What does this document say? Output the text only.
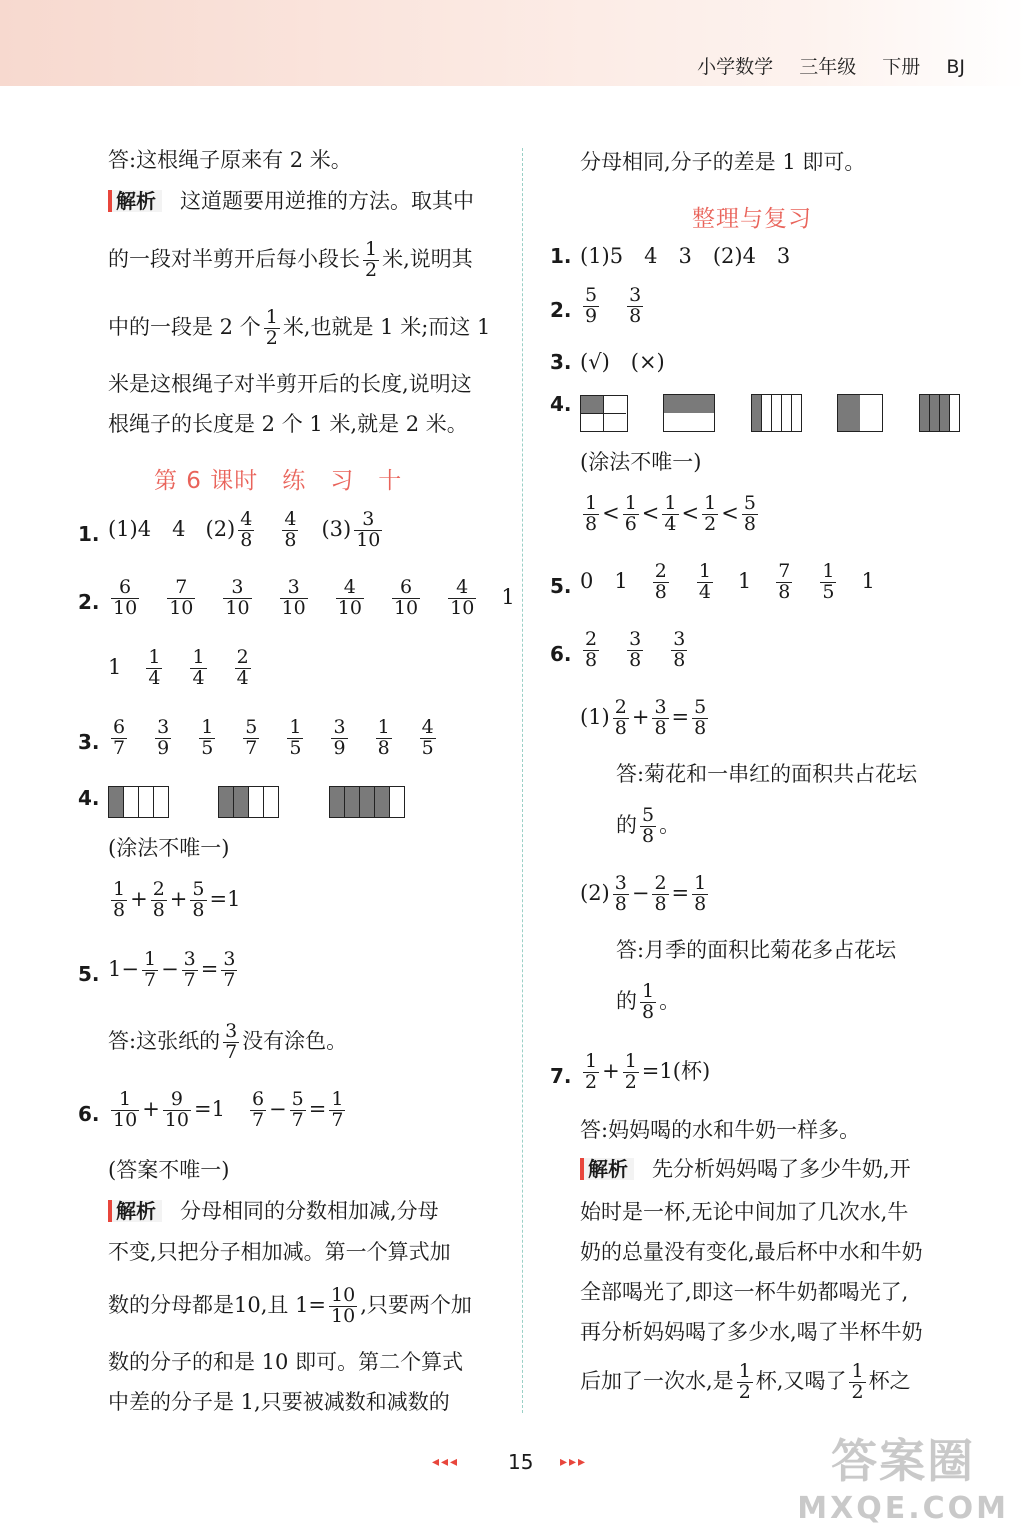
小学数学 三年级 下册 BJ
答:这根绳子原来有 2 米。
解析 这道题要用逆推的方法。取其中
的一段对半剪开后每小段长 $\frac{1}{2}$ 米,说明其
中的一段是 2 个 $\frac{1}{2}$ 米,也就是 1 米;而这 1
米是这根绳子对半剪开后的长度,说明这
根绳子的长度是 2 个 1 米,就是 2 米。
第 6 课时　练　习　十
1. (1)4　4 $(2) \frac{4}{8} \frac{4}{8} (3) \frac{3}{10}$
2. $\frac{6}{10} \frac{7}{10} \frac{3}{10} \frac{3}{10} \frac{4}{10} \frac{6}{10} \frac{4}{10} 1$
$1 \frac{1}{4} \frac{1}{4} \frac{2}{4}$
3. $\frac{6}{7} \frac{3}{9} \frac{1}{5} \frac{5}{7} \frac{1}{5} \frac{3}{9} \frac{1}{8} \frac{4}{5}$
4.

(涂法不唯一)
$\frac{1}{8} + \frac{2}{8} + \frac{5}{8} =1$
5. $1- \frac{1}{7} - \frac{3}{7} = \frac{3}{7}$
答:这张纸的 $\frac{3}{7}$ 没有涂色。
6. $\frac{1}{10} + \frac{9}{10} =1 \frac{6}{7} - \frac{5}{7} = \frac{1}{7}$
(答案不唯一)
解析 分母相同的分数相加减,分母
不变,只把分子相加减。第一个算式加
数的分母都是10,且 $1= \frac{10}{10}$ ,只要两个加
数的分子的和是 10 即可。第二个算式
中差的分子是 1,只要被减数和减数的
分母相同,分子的差是 1 即可。
整理与复习
1. (1)5　4　3　(2)4　3
2. $\frac{5}{9} \frac{3}{8}$
3. (√)　(×)
4.

(涂法不唯一)
$\frac{1}{8} < \frac{1}{6} < \frac{1}{4} < \frac{1}{2} < \frac{5}{8}$
5. 0　$1 \frac{2}{8} \frac{1}{4} 1 \frac{7}{8} \frac{1}{5} 1$
6. $\frac{2}{8} \frac{3}{8} \frac{3}{8}$
$(1) \frac{2}{8} + \frac{3}{8} = \frac{5}{8}$
答:菊花和一串红的面积共占花坛
的 $\frac{5}{8}$ 。
$(2) \frac{3}{8} - \frac{2}{8} = \frac{1}{8}$
答:月季的面积比菊花多占花坛
的 $\frac{1}{8}$ 。
7. $\frac{1}{2} + \frac{1}{2} =1$(杯)
答:妈妈喝的水和牛奶一样多。
解析 先分析妈妈喝了多少牛奶,开
始时是一杯,无论中间加了几次水,牛
奶的总量没有变化,最后杯中水和牛奶
全部喝光了,即这一杯牛奶都喝光了,
再分析妈妈喝了多少水,喝了半杯牛奶
后加了一次水,是 $\frac{1}{2}$ 杯,又喝了 $\frac{1}{2}$ 杯之
◂◂◂ 15 ▸▸▸	答案圈
MXQE.COM
